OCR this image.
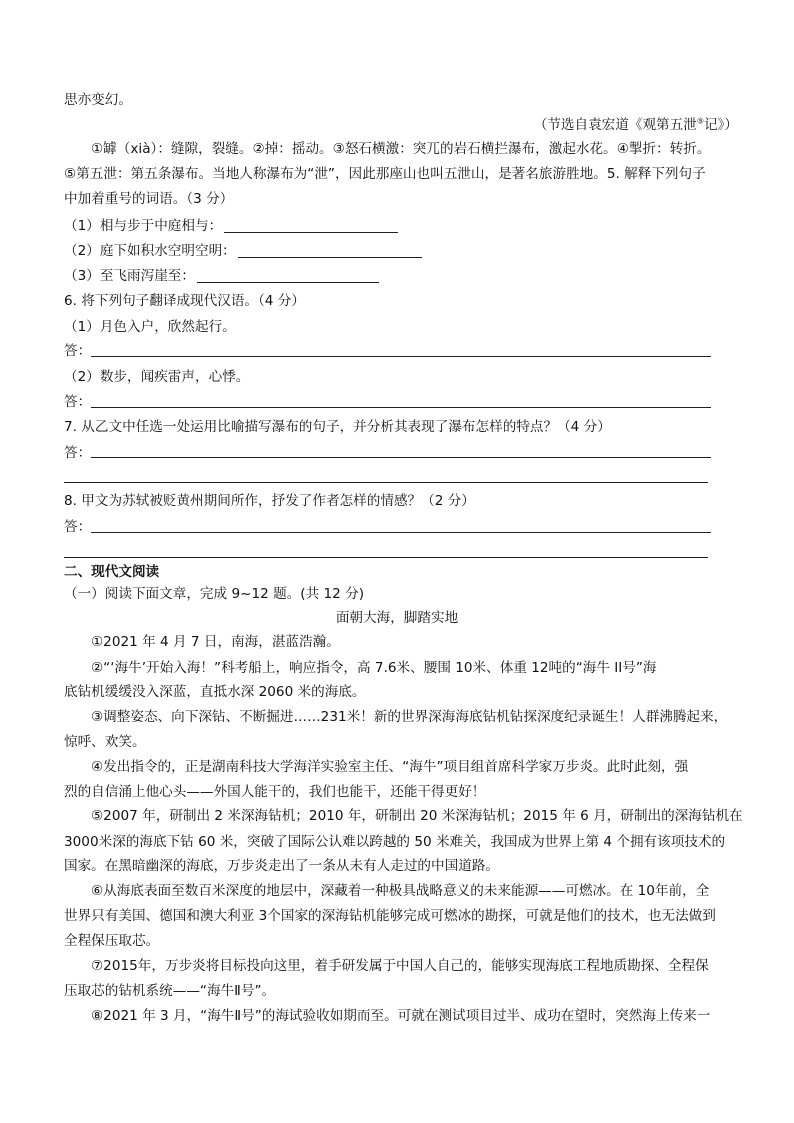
思亦变幻。
（节选自袁宏道《观第五泄⑤记》）
①罅（xià）：缝隙，裂缝。②掉：摇动。③怒石横激：突兀的岩石横拦瀑布，激起水花。④掣折：转折。
⑤第五泄：第五条瀑布。当地人称瀑布为“泄”，因此那座山也叫五泄山，是著名旅游胜地。5. 解释下列句子
中加着重号的词语。（3 分）
（1）相与步于中庭相与：
（2）庭下如积水空明空明：
（3）至飞雨泻崖至：
6. 将下列句子翻译成现代汉语。（4 分）
（1）月色入户，欣然起行。
答：
（2）数步，闻疾雷声，心悸。
答：
7. 从乙文中任选一处运用比喻描写瀑布的句子，并分析其表现了瀑布怎样的特点？（4 分）
答：
8. 甲文为苏轼被贬黄州期间所作，抒发了作者怎样的情感？（2 分）
答：
二、现代文阅读
（一）阅读下面文章，完成 9~12 题。(共 12 分)
面朝大海，脚踏实地
①2021 年 4 月 7 日，南海，湛蓝浩瀚。
②“‘海牛’开始入海！”科考船上，响应指令，高 7.6米、腰围 10米、体重 12吨的“海牛 II号”海
底钻机缓缓没入深蓝，直抵水深 2060 米的海底。
③调整姿态、向下深钻、不断掘进……231米！新的世界深海海底钻机钻探深度纪录诞生！人群沸腾起来，
惊呼、欢笑。
④发出指令的，正是湖南科技大学海洋实验室主任、“海牛”项目组首席科学家万步炎。此时此刻，强
烈的自信涌上他心头——外国人能干的，我们也能干，还能干得更好！
⑤2007 年，研制出 2 米深海钻机；2010 年，研制出 20 米深海钻机；2015 年 6 月，研制出的深海钻机在
3000米深的海底下钻 60 米，突破了国际公认难以跨越的 50 米难关，我国成为世界上第 4 个拥有该项技术的
国家。在黑暗幽深的海底，万步炎走出了一条从未有人走过的中国道路。
⑥从海底表面至数百米深度的地层中，深藏着一种极具战略意义的未来能源——可燃冰。在 10年前，全
世界只有美国、德国和澳大利亚 3个国家的深海钻机能够完成可燃冰的勘探，可就是他们的技术，也无法做到
全程保压取芯。
⑦2015年，万步炎将目标投向这里，着手研发属于中国人自己的，能够实现海底工程地质勘探、全程保
压取芯的钻机系统——“海牛Ⅱ号”。
⑧2021 年 3 月，“海牛Ⅱ号”的海试验收如期而至。可就在测试项目过半、成功在望时，突然海上传来一
